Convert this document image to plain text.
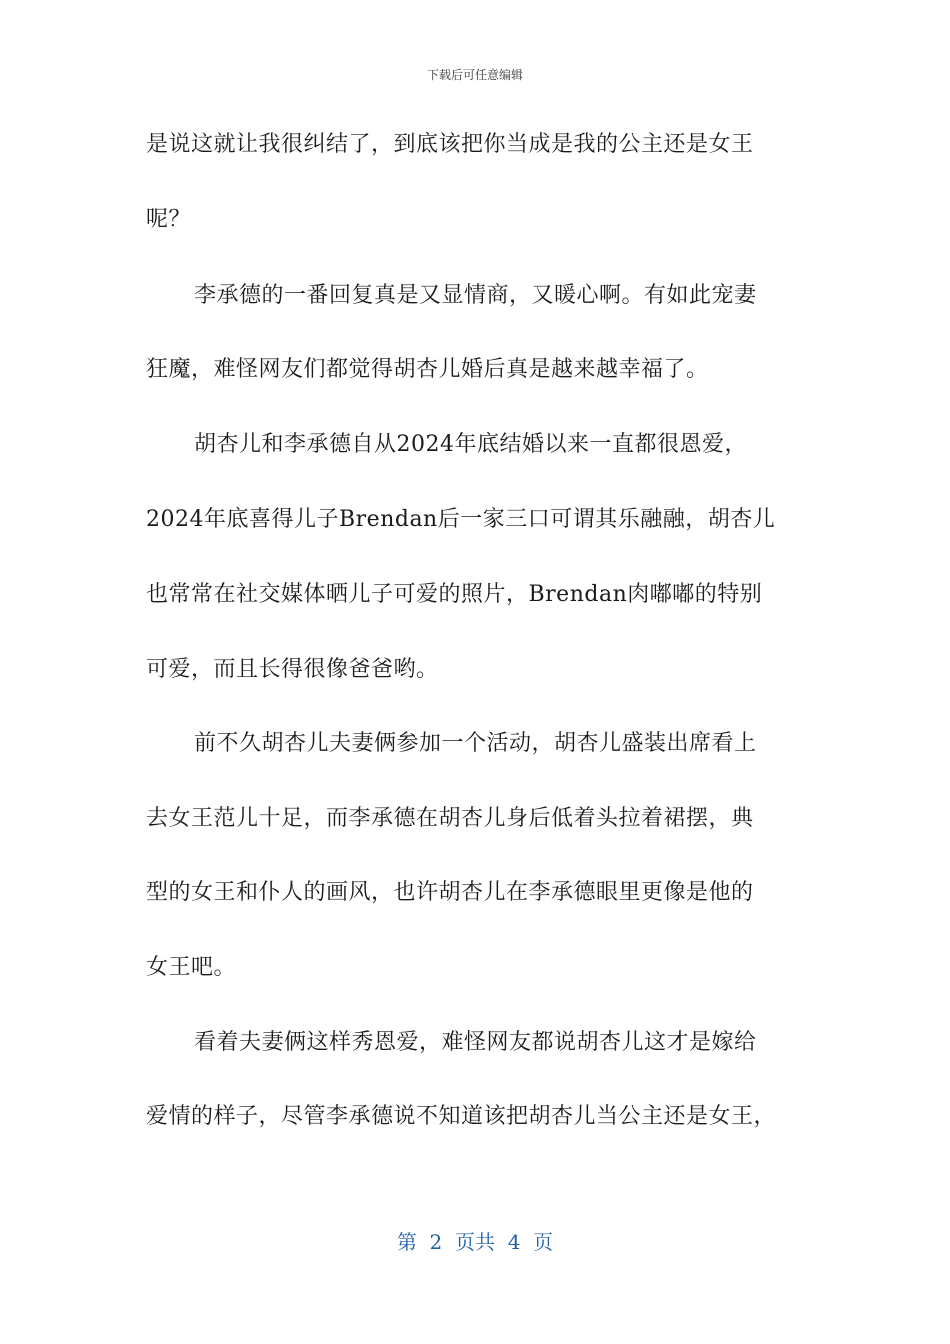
下载后可任意编辑
是说这就让我很纠结了，到底该把你当成是我的公主还是女王
呢？
李承德的一番回复真是又显情商，又暖心啊。有如此宠妻
狂魔，难怪网友们都觉得胡杏儿婚后真是越来越幸福了。
胡杏儿和李承德自从2024年底结婚以来一直都很恩爱，
2024年底喜得儿子Brendan后一家三口可谓其乐融融，胡杏儿
也常常在社交媒体晒儿子可爱的照片，Brendan肉嘟嘟的特别
可爱，而且长得很像爸爸哟。
前不久胡杏儿夫妻俩参加一个活动，胡杏儿盛装出席看上
去女王范儿十足，而李承德在胡杏儿身后低着头拉着裙摆，典
型的女王和仆人的画风，也许胡杏儿在李承德眼里更像是他的
女王吧。
看着夫妻俩这样秀恩爱，难怪网友都说胡杏儿这才是嫁给
爱情的样子，尽管李承德说不知道该把胡杏儿当公主还是女王，
第  2  页共  4  页
